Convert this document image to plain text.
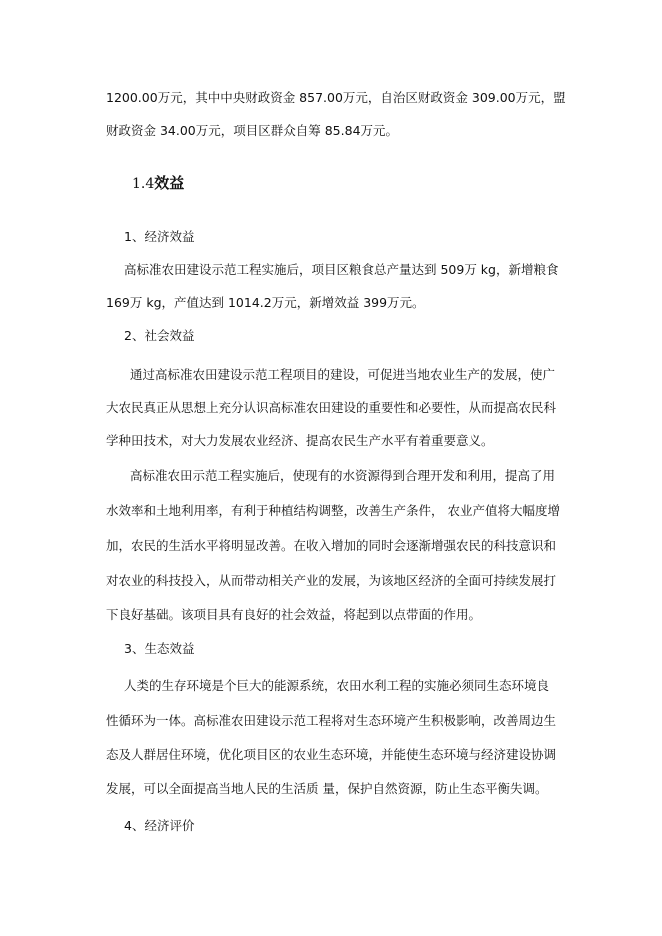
1200.00万元，其中中央财政资金 857.00万元，自治区财政资金 309.00万元，盟
财政资金 34.00万元，项目区群众自筹 85.84万元。
1.4效益
1、经济效益
高标准农田建设示范工程实施后，项目区粮食总产量达到 509万 kg，新增粮食
169万 kg，产值达到 1014.2万元，新增效益 399万元。
2、社会效益
通过高标准农田建设示范工程项目的建设，可促进当地农业生产的发展，使广
大农民真正从思想上充分认识高标准农田建设的重要性和必要性，从而提高农民科
学种田技术，对大力发展农业经济、提高农民生产水平有着重要意义。
高标准农田示范工程实施后，使现有的水资源得到合理开发和利用，提高了用
水效率和土地利用率，有利于种植结构调整，改善生产条件， 农业产值将大幅度增
加，农民的生活水平将明显改善。在收入增加的同时会逐渐增强农民的科技意识和
对农业的科技投入，从而带动相关产业的发展，为该地区经济的全面可持续发展打
下良好基础。该项目具有良好的社会效益，将起到以点带面的作用。
3、生态效益
人类的生存环境是个巨大的能源系统，农田水利工程的实施必须同生态环境良
性循环为一体。高标准农田建设示范工程将对生态环境产生积极影响，改善周边生
态及人群居住环境，优化项目区的农业生态环境，并能使生态环境与经济建设协调
发展，可以全面提高当地人民的生活质 量，保护自然资源，防止生态平衡失调。
4、经济评价
